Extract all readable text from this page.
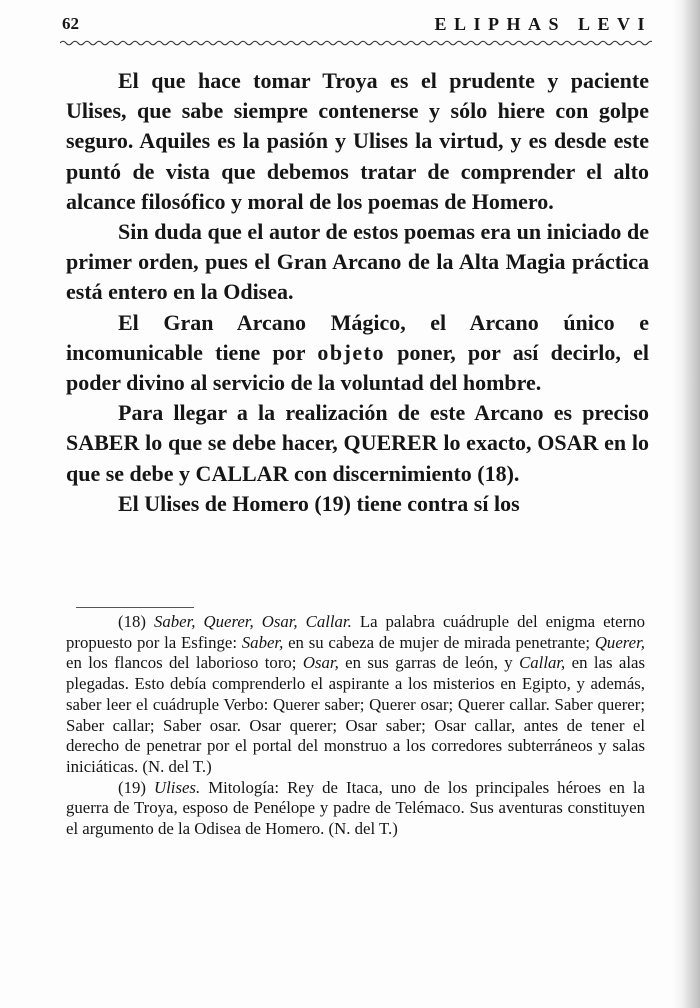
62	ELIPHAS LEVI

El que hace tomar Troya es el prudente y paciente Ulises, que sabe siempre contenerse y sólo hiere con golpe seguro. Aquiles es la pasión y Ulises la virtud, y es desde este puntó de vista que debemos tratar de comprender el alto alcance filosófico y moral de los poemas de Homero.

Sin duda que el autor de estos poemas era un iniciado de primer orden, pues el Gran Arcano de la Alta Magia práctica está entero en la Odisea.

El Gran Arcano Mágico, el Arcano único e incomunicable tiene por objeto poner, por así decirlo, el poder divino al servicio de la voluntad del hombre.

Para llegar a la realización de este Arcano es preciso SABER lo que se debe hacer, QUERER lo exacto, OSAR en lo que se debe y CALLAR con discernimiento (18).

El Ulises de Homero (19) tiene contra sí los

(18) Saber, Querer, Osar, Callar. La palabra cuádruple del enigma eterno propuesto por la Esfinge: Saber, en su cabeza de mujer de mirada penetrante; Querer, en los flancos del laborioso toro; Osar, en sus garras de león, y Callar, en las alas plegadas. Esto debía comprenderlo el aspirante a los misterios en Egipto, y además, saber leer el cuádruple Verbo: Querer saber; Querer osar; Querer callar. Saber querer; Saber callar; Saber osar. Osar querer; Osar saber; Osar callar, antes de tener el derecho de penetrar por el portal del monstruo a los corredores subterráneos y salas iniciáticas. (N. del T.)

(19) Ulises. Mitología: Rey de Itaca, uno de los principales héroes en la guerra de Troya, esposo de Penélope y padre de Telémaco. Sus aventuras constituyen el argumento de la Odisea de Homero. (N. del T.)
